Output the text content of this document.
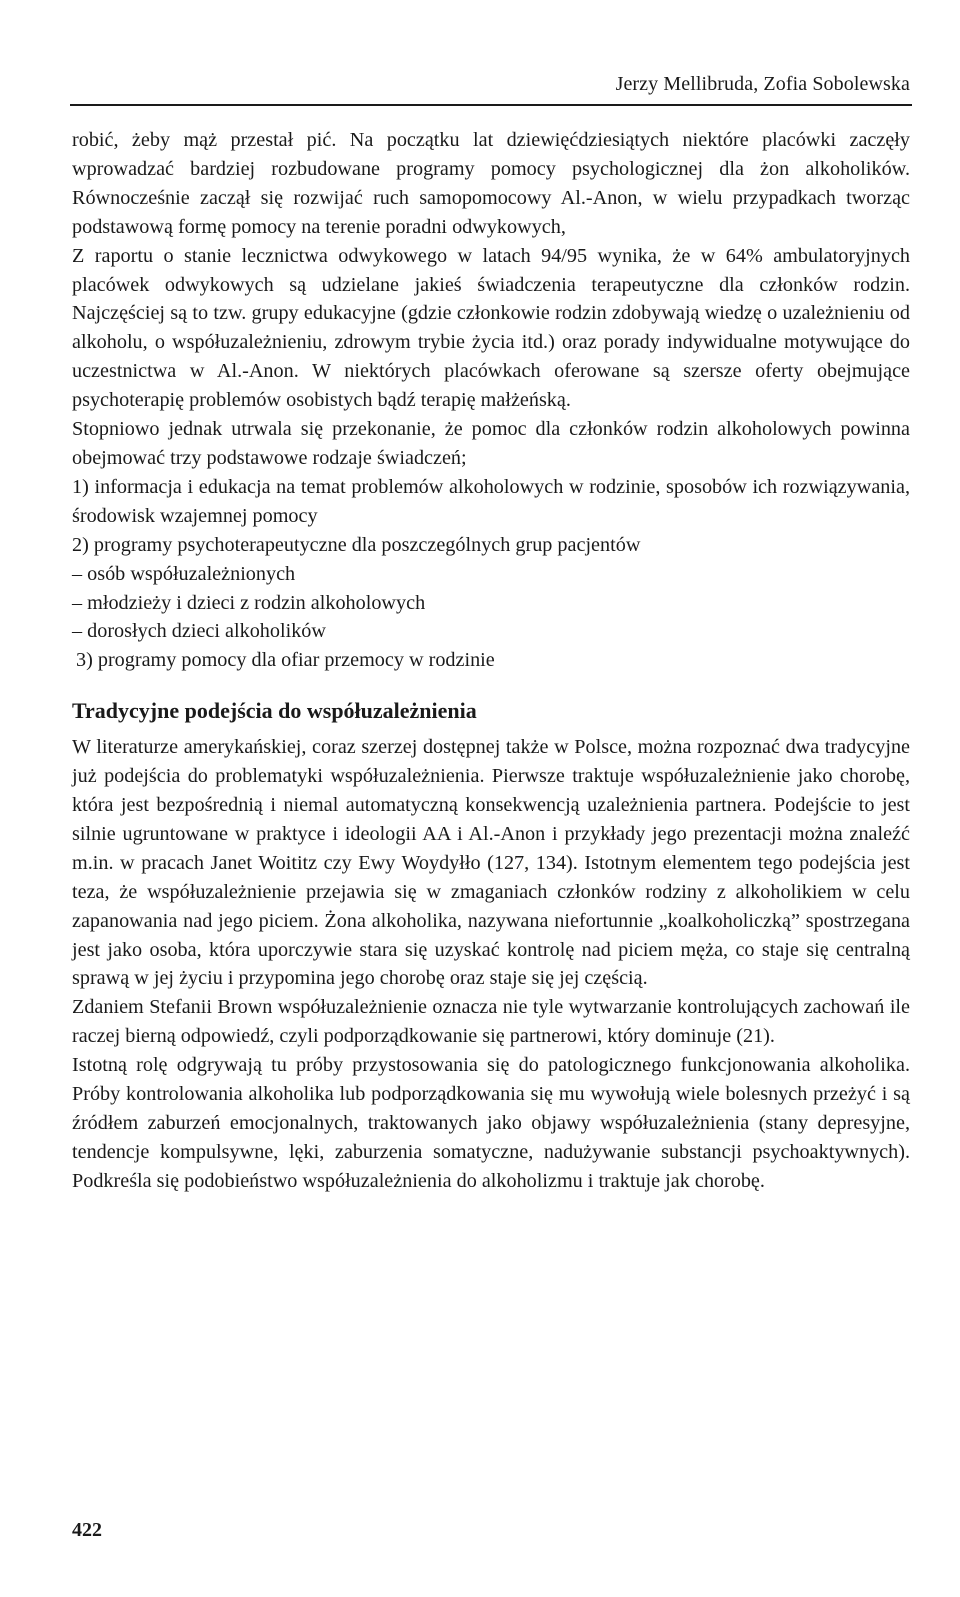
Jerzy Mellibruda, Zofia Sobolewska

robić, żeby mąż przestał pić. Na początku lat dziewięćdziesiątych niektóre placówki zaczęły wprowadzać bardziej rozbudowane programy pomocy psychologicznej dla żon alkoholików. Równocześnie zaczął się rozwijać ruch samopomocowy Al.-Anon, w wielu przypadkach tworząc podstawową formę pomocy na terenie poradni odwykowych,

Z raportu o stanie lecznictwa odwykowego w latach 94/95 wynika, że w 64% ambulatoryjnych placówek odwykowych są udzielane jakieś świadczenia terapeutyczne dla członków rodzin. Najczęściej są to tzw. grupy edukacyjne (gdzie członkowie rodzin zdobywają wiedzę o uzależnieniu od alkoholu, o współuzależnieniu, zdrowym trybie życia itd.) oraz porady indywidualne motywujące do uczestnictwa w Al.-Anon. W niektórych placówkach oferowane są szersze oferty obejmujące psychoterapię problemów osobistych bądź terapię małżeńską.

Stopniowo jednak utrwala się przekonanie, że pomoc dla członków rodzin alkoholowych powinna obejmować trzy podstawowe rodzaje świadczeń;

1) informacja i edukacja na temat problemów alkoholowych w rodzinie, sposobów ich rozwiązywania, środowisk wzajemnej pomocy

2) programy psychoterapeutyczne dla poszczególnych grup pacjentów

– osób współuzależnionych

– młodzieży i dzieci z rodzin alkoholowych

– dorosłych dzieci alkoholików

3) programy pomocy dla ofiar przemocy w rodzinie

Tradycyjne podejścia do współuzależnienia

W literaturze amerykańskiej, coraz szerzej dostępnej także w Polsce, można rozpoznać dwa tradycyjne już podejścia do problematyki współuzależnienia. Pierwsze traktuje współuzależnienie jako chorobę, która jest bezpośrednią i niemal automatyczną konsekwencją uzależnienia partnera. Podejście to jest silnie ugruntowane w praktyce i ideologii AA i Al.-Anon i przykłady jego prezentacji można znaleźć m.in. w pracach Janet Woititz czy Ewy Woydyłło (127, 134). Istotnym elementem tego podejścia jest teza, że współuzależnienie przejawia się w zmaganiach członków rodziny z alkoholikiem w celu zapanowania nad jego piciem. Żona alkoholika, nazywana niefortunnie „koalkoholiczką” spostrzegana jest jako osoba, która uporczywie stara się uzyskać kontrolę nad piciem męża, co staje się centralną sprawą w jej życiu i przypomina jego chorobę oraz staje się jej częścią.

Zdaniem Stefanii Brown współuzależnienie oznacza nie tyle wytwarzanie kontrolujących zachowań ile raczej bierną odpowiedź, czyli podporządkowanie się partnerowi, który dominuje (21).

Istotną rolę odgrywają tu próby przystosowania się do patologicznego funkcjonowania alkoholika. Próby kontrolowania alkoholika lub podporządkowania się mu wywołują wiele bolesnych przeżyć i są źródłem zaburzeń emocjonalnych, traktowanych jako objawy współuzależnienia (stany depresyjne, tendencje kompulsywne, lęki, zaburzenia somatyczne, nadużywanie substancji psychoaktywnych). Podkreśla się podobieństwo współuzależnienia do alkoholizmu i traktuje jak chorobę.

422
